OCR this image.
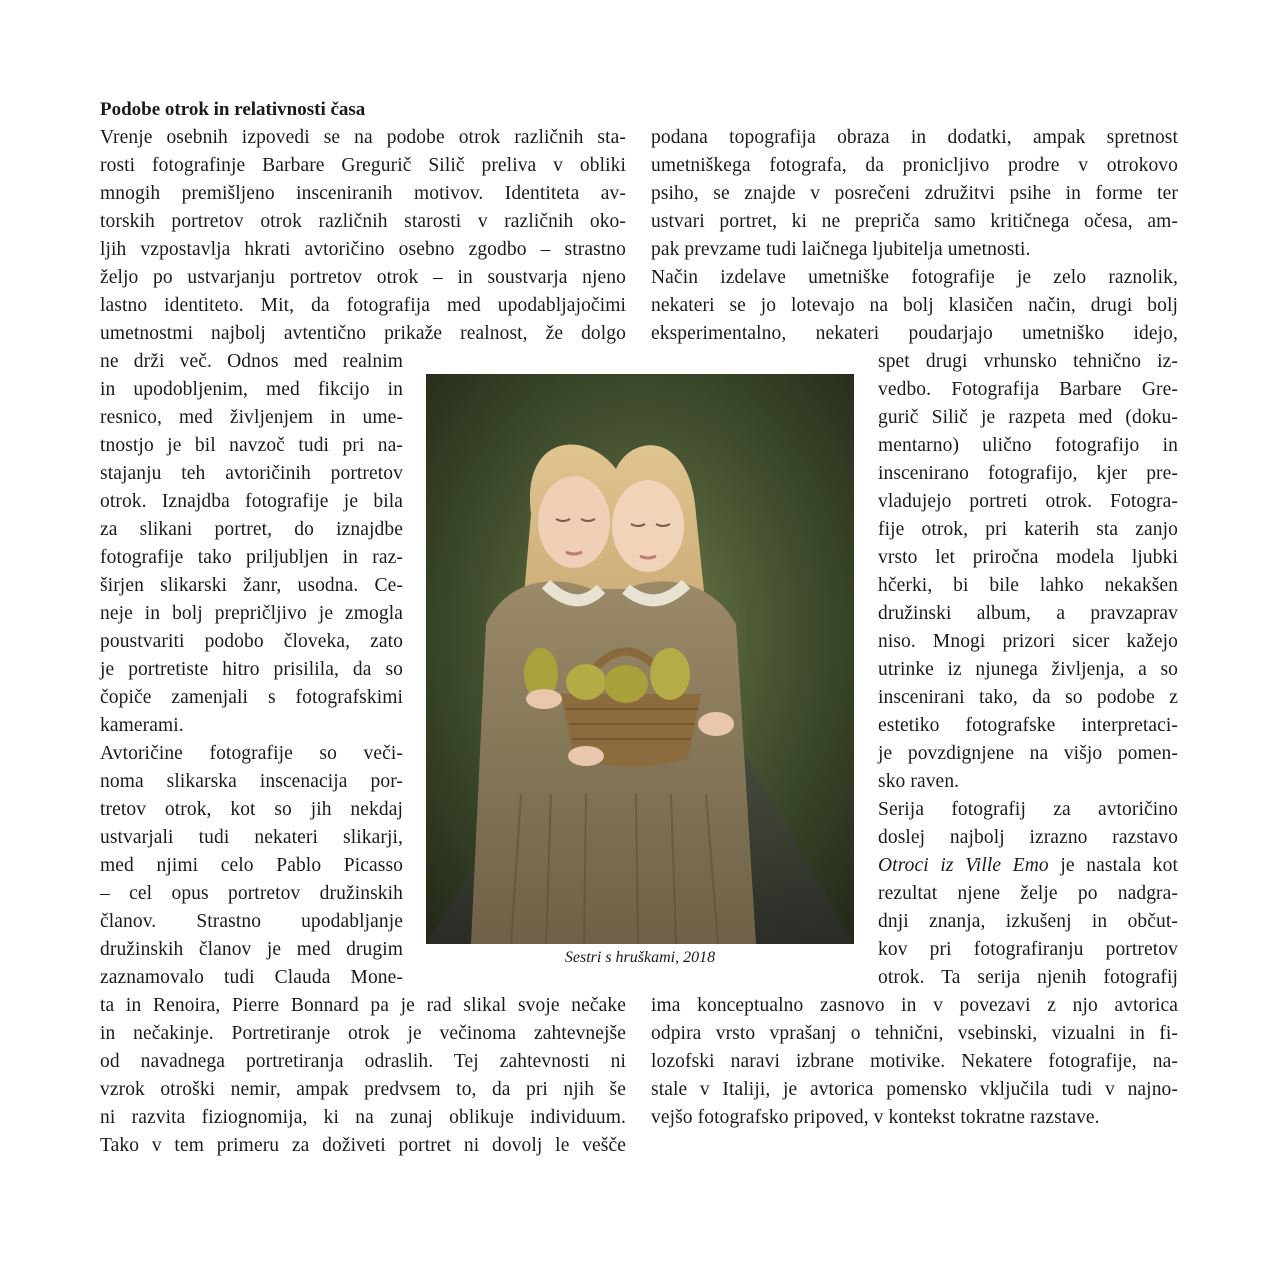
Podobe otrok in relativnosti časa

Vrenje osebnih izpovedi se na podobe otrok različnih sta-

rosti fotografinje Barbare Gregurič Silič preliva v obliki

mnogih premišljeno insceniranih motivov. Identiteta av-

torskih portretov otrok različnih starosti v različnih oko-

ljih vzpostavlja hkrati avtoričino osebno zgodbo – strastno

željo po ustvarjanju portretov otrok – in soustvarja njeno

lastno identiteto. Mit, da fotografija med upodabljajočimi

umetnostmi najbolj avtentično prikaže realnost, že dolgo

ne drži več. Odnos med realnim

in upodobljenim, med fikcijo in

resnico, med življenjem in ume-

tnostjo je bil navzoč tudi pri na-

stajanju teh avtoričinih portretov

otrok. Iznajdba fotografije je bila

za slikani portret, do iznajdbe

fotografije tako priljubljen in raz-

širjen slikarski žanr, usodna. Ce-

neje in bolj prepričljivo je zmogla

poustvariti podobo človeka, zato

je portretiste hitro prisilila, da so

čopiče zamenjali s fotografskimi

kamerami.

Avtoričine fotografije so veči-

noma slikarska inscenacija por-

tretov otrok, kot so jih nekdaj

ustvarjali tudi nekateri slikarji,

med njimi celo Pablo Picasso

– cel opus portretov družinskih

članov. Strastno upodabljanje

družinskih članov je med drugim

zaznamovalo tudi Clauda Mone-

ta in Renoira, Pierre Bonnard pa je rad slikal svoje nečake

in nečakinje. Portretiranje otrok je večinoma zahtevnejše

od navadnega portretiranja odraslih. Tej zahtevnosti ni

vzrok otroški nemir, ampak predvsem to, da pri njih še

ni razvita fiziognomija, ki na zunaj oblikuje individuum.

Tako v tem primeru za doživeti portret ni dovolj le vešče

podana topografija obraza in dodatki, ampak spretnost

umetniškega fotografa, da pronicljivo prodre v otrokovo

psiho, se znajde v posrečeni združitvi psihe in forme ter

ustvari portret, ki ne prepriča samo kritičnega očesa, am-

pak prevzame tudi laičnega ljubitelja umetnosti.

Način izdelave umetniške fotografije je zelo raznolik,

nekateri se jo lotevajo na bolj klasičen način, drugi bolj

eksperimentalno, nekateri poudarjajo umetniško idejo,

spet drugi vrhunsko tehnično iz-

vedbo. Fotografija Barbare Gre-

gurič Silič je razpeta med (doku-

mentarno) ulično fotografijo in

inscenirano fotografijo, kjer pre-

vladujejo portreti otrok. Fotogra-

fije otrok, pri katerih sta zanjo

vrsto let priročna modela ljubki

hčerki, bi bile lahko nekakšen

družinski album, a pravzaprav

niso. Mnogi prizori sicer kažejo

utrinke iz njunega življenja, a so

inscenirani tako, da so podobe z

estetiko fotografske interpretaci-

je povzdignjene na višjo pomen-

sko raven.

Serija fotografij za avtoričino

doslej najbolj izrazno razstavo

Otroci iz Ville Emo je nastala kot

rezultat njene želje po nadgra-

dnji znanja, izkušenj in občut-

kov pri fotografiranju portretov

otrok. Ta serija njenih fotografij

ima konceptualno zasnovo in v povezavi z njo avtorica

odpira vrsto vprašanj o tehnični, vsebinski, vizualni in fi-

lozofski naravi izbrane motivike. Nekatere fotografije, na-

stale v Italiji, je avtorica pomensko vključila tudi v najno-

vejšo fotografsko pripoved, v kontekst tokratne razstave.

Sestri s hruškami, 2018
